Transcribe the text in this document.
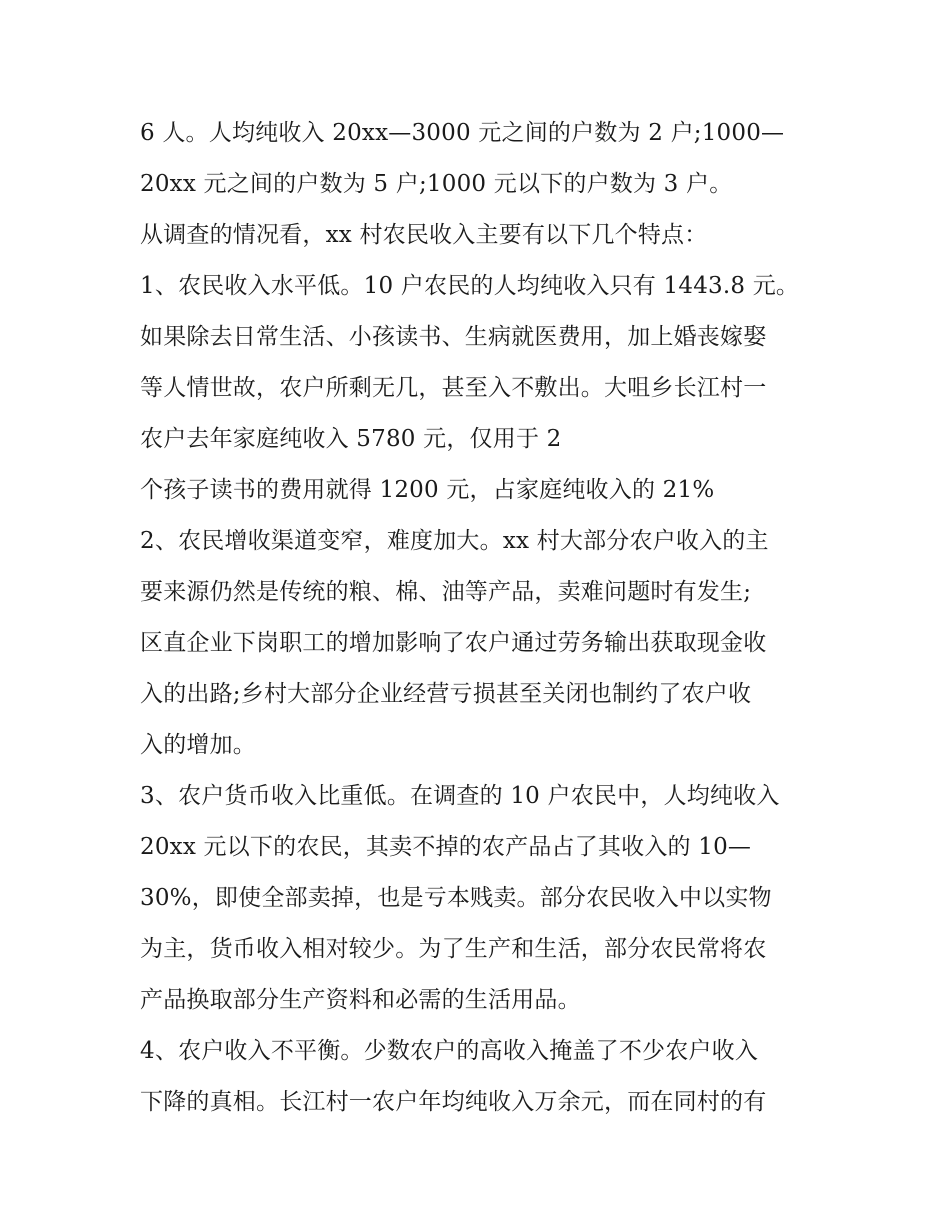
6 人。人均纯收入 20xx—3000 元之间的户数为 2 户;1000—
20xx 元之间的户数为 5 户;1000 元以下的户数为 3 户。
从调查的情况看，xx 村农民收入主要有以下几个特点：
1、农民收入水平低。10 户农民的人均纯收入只有 1443.8 元。
如果除去日常生活、小孩读书、生病就医费用，加上婚丧嫁娶
等人情世故，农户所剩无几，甚至入不敷出。大咀乡长江村一
农户去年家庭纯收入 5780 元，仅用于 2
个孩子读书的费用就得 1200 元，占家庭纯收入的 21%
2、农民增收渠道变窄，难度加大。xx 村大部分农户收入的主
要来源仍然是传统的粮、棉、油等产品，卖难问题时有发生;
区直企业下岗职工的增加影响了农户通过劳务输出获取现金收
入的出路;乡村大部分企业经营亏损甚至关闭也制约了农户收
入的增加。
3、农户货币收入比重低。在调查的 10 户农民中，人均纯收入
20xx 元以下的农民，其卖不掉的农产品占了其收入的 10—
30%，即使全部卖掉，也是亏本贱卖。部分农民收入中以实物
为主，货币收入相对较少。为了生产和生活，部分农民常将农
产品换取部分生产资料和必需的生活用品。
4、农户收入不平衡。少数农户的高收入掩盖了不少农户收入
下降的真相。长江村一农户年均纯收入万余元，而在同村的有
